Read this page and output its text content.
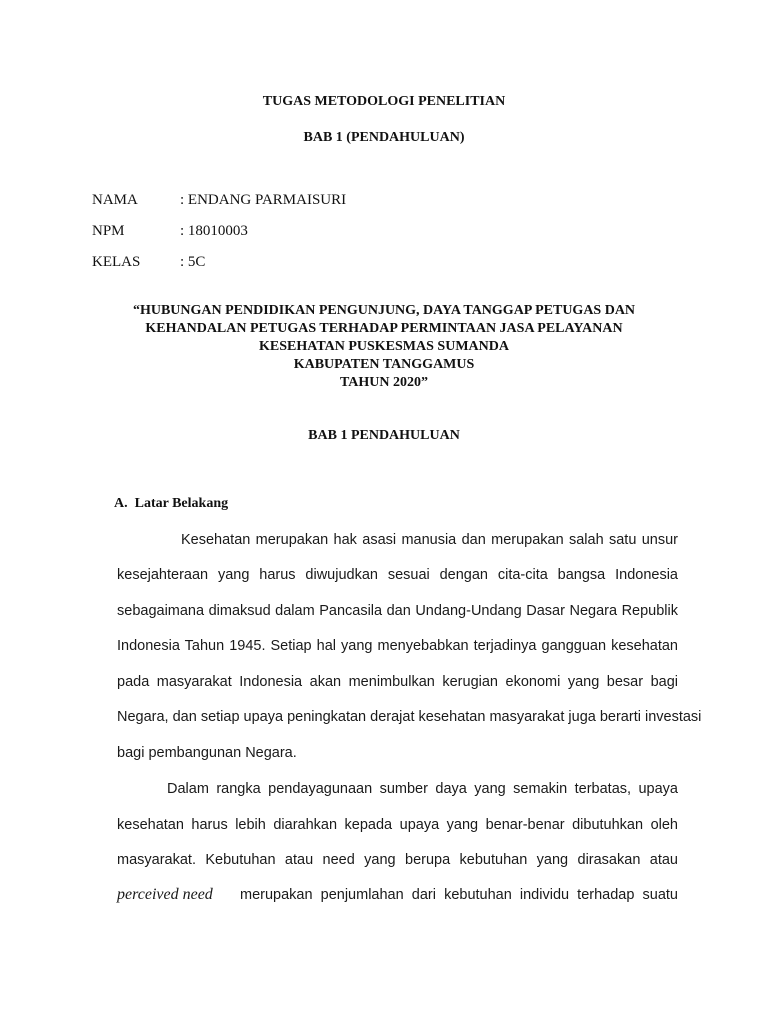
TUGAS METODOLOGI PENELITIAN
BAB 1 (PENDAHULUAN)
NAMA	: ENDANG PARMAISURI
NPM	: 18010003
KELAS	: 5C
“HUBUNGAN PENDIDIKAN PENGUNJUNG, DAYA TANGGAP PETUGAS DAN
KEHANDALAN PETUGAS TERHADAP PERMINTAAN JASA PELAYANAN
KESEHATAN PUSKESMAS SUMANDA
KABUPATEN TANGGAMUS
TAHUN 2020”
BAB 1 PENDAHULUAN
A. Latar Belakang
Kesehatan merupakan hak asasi manusia dan merupakan salah satu unsur
kesejahteraan yang harus diwujudkan sesuai dengan cita-cita bangsa Indonesia
sebagaimana dimaksud dalam Pancasila dan Undang-Undang Dasar Negara Republik
Indonesia Tahun 1945. Setiap hal yang menyebabkan terjadinya gangguan kesehatan
pada masyarakat Indonesia akan menimbulkan kerugian ekonomi yang besar bagi
Negara, dan setiap upaya peningkatan derajat kesehatan masyarakat juga berarti investasi
bagi pembangunan Negara.
Dalam rangka pendayagunaan sumber daya yang semakin terbatas, upaya
kesehatan harus lebih diarahkan kepada upaya yang benar-benar dibutuhkan oleh
masyarakat. Kebutuhan atau need yang berupa kebutuhan yang dirasakan atau
perceived need merupakan penjumlahan dari kebutuhan individu terhadap suatu
